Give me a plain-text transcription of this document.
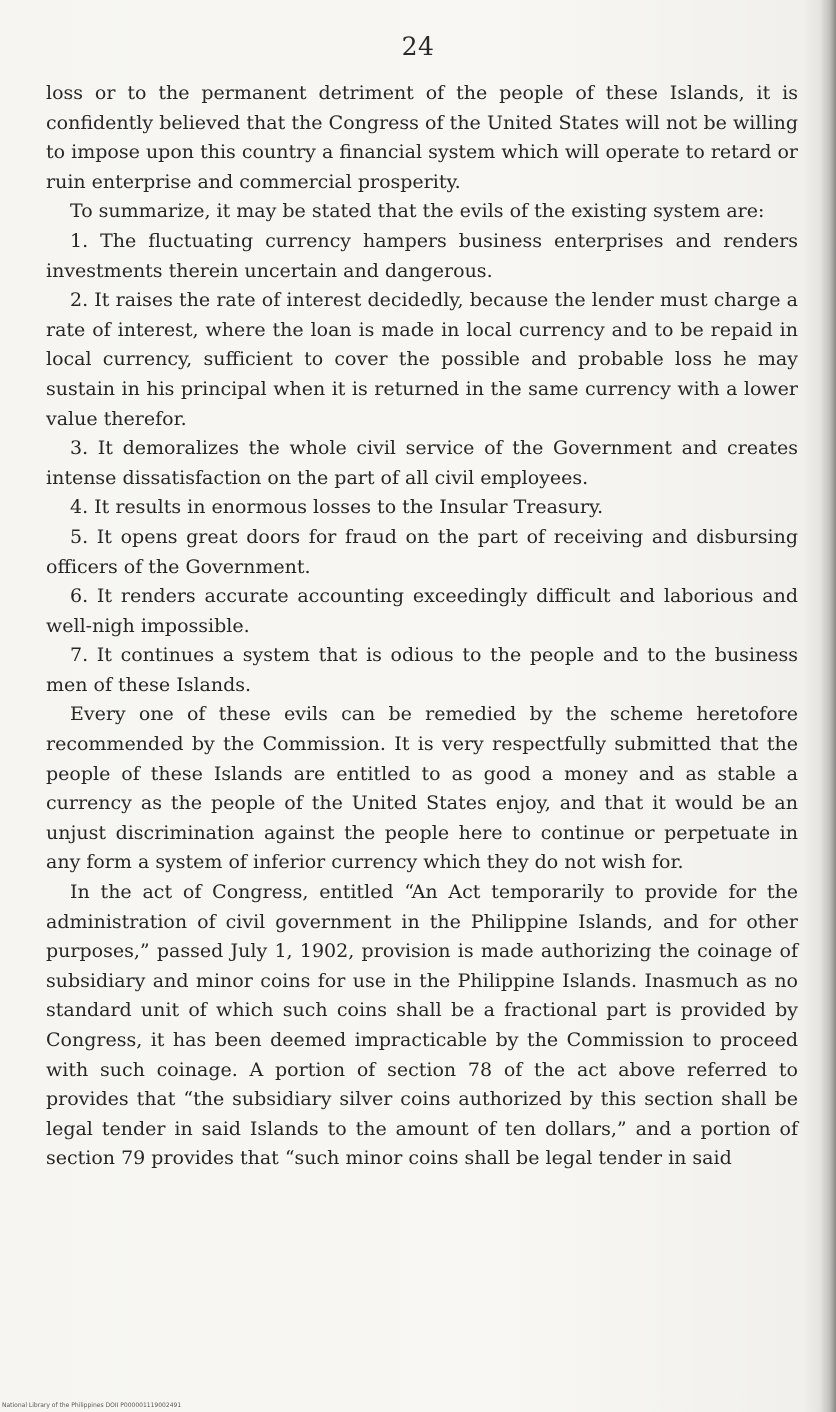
24

loss or to the permanent detriment of the people of these Islands, it is confidently believed that the Congress of the United States will not be willing to impose upon this country a financial system which will operate to retard or ruin enterprise and commercial prosperity.

To summarize, it may be stated that the evils of the existing system are:

1. The fluctuating currency hampers business enterprises and renders investments therein uncertain and dangerous.

2. It raises the rate of interest decidedly, because the lender must charge a rate of interest, where the loan is made in local currency and to be repaid in local currency, sufficient to cover the possible and probable loss he may sustain in his principal when it is returned in the same currency with a lower value therefor.

3. It demoralizes the whole civil service of the Government and creates intense dissatisfaction on the part of all civil employees.

4. It results in enormous losses to the Insular Treasury.

5. It opens great doors for fraud on the part of receiving and disbursing officers of the Government.

6. It renders accurate accounting exceedingly difficult and laborious and well-nigh impossible.

7. It continues a system that is odious to the people and to the business men of these Islands.

Every one of these evils can be remedied by the scheme heretofore recommended by the Commission. It is very respectfully submitted that the people of these Islands are entitled to as good a money and as stable a currency as the people of the United States enjoy, and that it would be an unjust discrimination against the people here to continue or perpetuate in any form a system of inferior currency which they do not wish for.

In the act of Congress, entitled “An Act temporarily to provide for the administration of civil government in the Philippine Islands, and for other purposes,” passed July 1, 1902, provision is made authorizing the coinage of subsidiary and minor coins for use in the Philippine Islands. Inasmuch as no standard unit of which such coins shall be a fractional part is provided by Congress, it has been deemed impracticable by the Commission to proceed with such coinage. A portion of section 78 of the act above referred to provides that “the subsidiary silver coins authorized by this section shall be legal tender in said Islands to the amount of ten dollars,” and a portion of section 79 provides that “such minor coins shall be legal tender in said

National Library of the Philippines DOII P000001119002491
